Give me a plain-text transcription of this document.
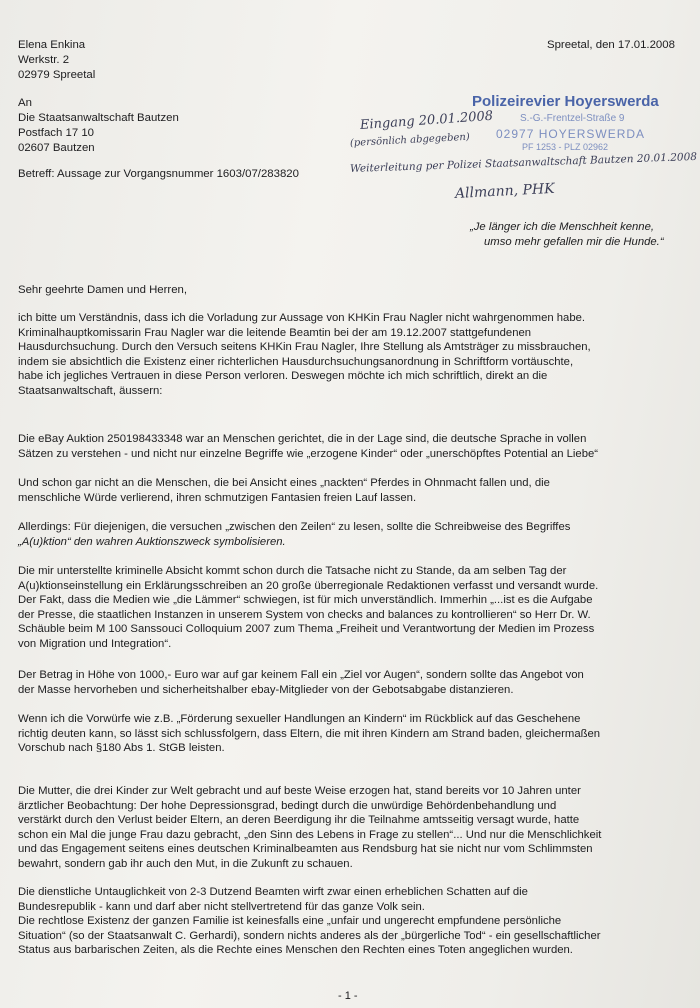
Elena Enkina
Werkstr. 2
02979 Spreetal
Spreetal, den 17.01.2008
An
Die Staatsanwaltschaft Bautzen
Postfach 17 10
02607 Bautzen
Betreff: Aussage zur Vorgangsnummer 1603/07/283820
Polizeirevier Hoyerswerda
S.-G.-Frentzel-Straße 9
02977 HOYERSWERDA
PF 1253 - PLZ 02962
Eingang 20.01.2008
(persönlich abgegeben)
Weiterleitung per Polizei Staatsanwaltschaft Bautzen 20.01.2008
Allmann, PHK
„Je länger ich die Menschheit kenne,
umso mehr gefallen mir die Hunde.“
Sehr geehrte Damen und Herren,
ich bitte um Verständnis, dass ich die Vorladung zur Aussage von KHKin Frau Nagler nicht wahrgenommen habe.
Kriminalhauptkomissarin Frau Nagler war die leitende Beamtin bei der am 19.12.2007 stattgefundenen
Hausdurchsuchung. Durch den Versuch seitens KHKin Frau Nagler, Ihre Stellung als Amtsträger zu missbrauchen,
indem sie absichtlich die Existenz einer richterlichen Hausdurchsuchungsanordnung in Schriftform vortäuschte,
habe ich jegliches Vertrauen in diese Person verloren. Deswegen möchte ich mich schriftlich, direkt an die
Staatsanwaltschaft, äussern:
Die eBay Auktion 250198433348 war an Menschen gerichtet, die in der Lage sind, die deutsche Sprache in vollen
Sätzen zu verstehen - und nicht nur einzelne Begriffe wie „erzogene Kinder“ oder „unerschöpftes Potential an Liebe“
Und schon gar nicht an die Menschen, die bei Ansicht eines „nackten“ Pferdes in Ohnmacht fallen und, die
menschliche Würde verlierend, ihren schmutzigen Fantasien freien Lauf lassen.
Allerdings: Für diejenigen, die versuchen „zwischen den Zeilen“ zu lesen, sollte die Schreibweise des Begriffes
„A(u)ktion“ den wahren Auktionszweck symbolisieren.
Die mir unterstellte kriminelle Absicht kommt schon durch die Tatsache nicht zu Stande, da am selben Tag der
A(u)ktionseinstellung ein Erklärungsschreiben an 20 große überregionale Redaktionen verfasst und versandt wurde.
Der Fakt, dass die Medien wie „die Lämmer“ schwiegen, ist für mich unverständlich. Immerhin „...ist es die Aufgabe
der Presse, die staatlichen Instanzen in unserem System von checks and balances zu kontrollieren“ so Herr Dr. W.
Schäuble beim M 100 Sanssouci Colloquium 2007 zum Thema „Freiheit und Verantwortung der Medien im Prozess
von Migration und Integration“.
Der Betrag in Höhe von 1000,- Euro war auf gar keinem Fall ein „Ziel vor Augen“, sondern sollte das Angebot von
der Masse hervorheben und sicherheitshalber ebay-Mitglieder von der Gebotsabgabe distanzieren.
Wenn ich die Vorwürfe wie z.B. „Förderung sexueller Handlungen an Kindern“ im Rückblick auf das Geschehene
richtig deuten kann, so lässt sich schlussfolgern, dass Eltern, die mit ihren Kindern am Strand baden, gleichermaßen
Vorschub nach §180 Abs 1. StGB leisten.
Die Mutter, die drei Kinder zur Welt gebracht und auf beste Weise erzogen hat, stand bereits vor 10 Jahren unter
ärztlicher Beobachtung: Der hohe Depressionsgrad, bedingt durch die unwürdige Behördenbehandlung und
verstärkt durch den Verlust beider Eltern, an deren Beerdigung ihr die Teilnahme amtsseitig versagt wurde, hatte
schon ein Mal die junge Frau dazu gebracht, „den Sinn des Lebens in Frage zu stellen“... Und nur die Menschlichkeit
und das Engagement seitens eines deutschen Kriminalbeamten aus Rendsburg hat sie nicht nur vom Schlimmsten
bewahrt, sondern gab ihr auch den Mut, in die Zukunft zu schauen.
Die dienstliche Untauglichkeit von 2-3 Dutzend Beamten wirft zwar einen erheblichen Schatten auf die
Bundesrepublik - kann und darf aber nicht stellvertretend für das ganze Volk sein.
Die rechtlose Existenz der ganzen Familie ist keinesfalls eine „unfair und ungerecht empfundene persönliche
Situation“ (so der Staatsanwalt C. Gerhardi), sondern nichts anderes als der „bürgerliche Tod“ - ein gesellschaftlicher
Status aus barbarischen Zeiten, als die Rechte eines Menschen den Rechten eines Toten angeglichen wurden.
- 1 -
